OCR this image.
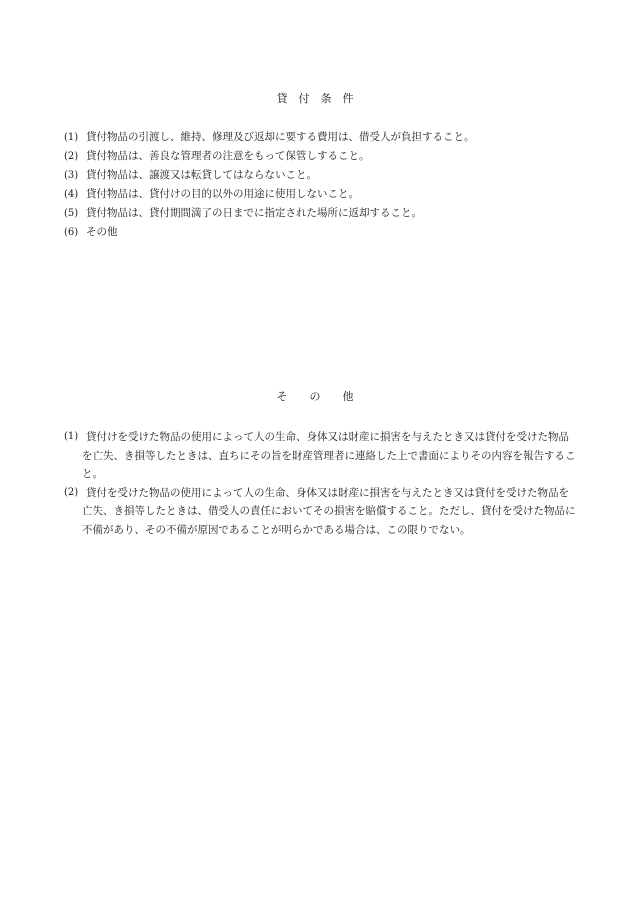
貸　付　条　件
(1) 貸付物品の引渡し、維持、修理及び返却に要する費用は、借受人が負担すること。
(2) 貸付物品は、善良な管理者の注意をもって保管しすること。
(3) 貸付物品は、譲渡又は転貸してはならないこと。
(4) 貸付物品は、貸付けの目的以外の用途に使用しないこと。
(5) 貸付物品は、貸付期間満了の日までに指定された場所に返却すること。
(6) その他
そ　　の　　他
(1) 貸付けを受けた物品の使用によって人の生命、身体又は財産に損害を与えたとき又は貸付を受けた物品を亡失、き損等したときは、直ちにその旨を財産管理者に連絡した上で書面によりその内容を報告すること。
(2) 貸付を受けた物品の使用によって人の生命、身体又は財産に損害を与えたとき又は貸付を受けた物品を亡失、き損等したときは、借受人の責任においてその損害を賠償すること。ただし、貸付を受けた物品に不備があり、その不備が原因であることが明らかである場合は、この限りでない。
